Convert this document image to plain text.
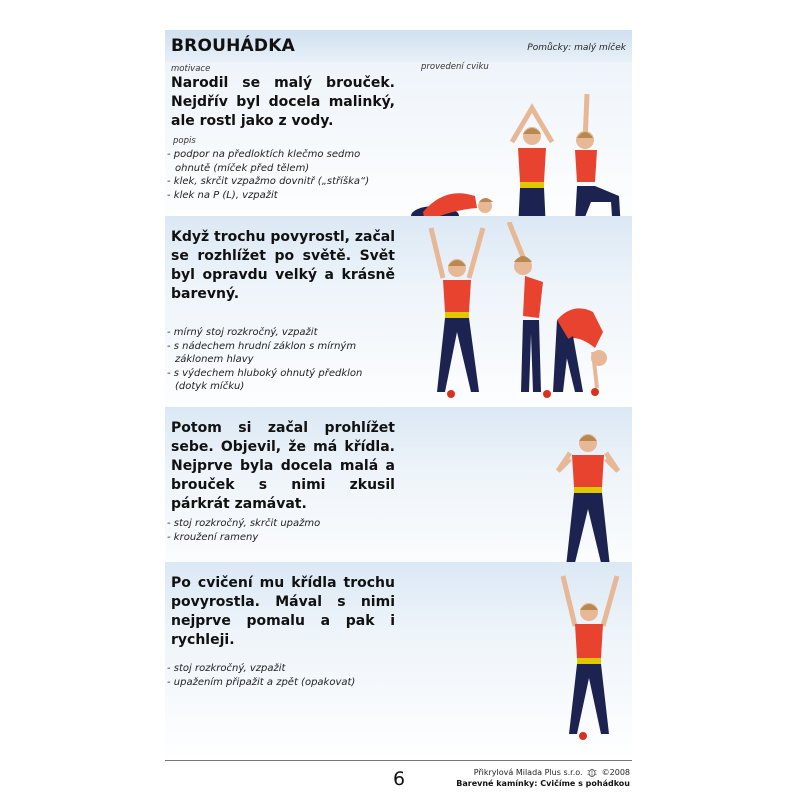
BROUHÁDKA	Pomůcky: malý míček
motivace	provedení cviku
Narodil se malý brouček. Nejdřív byl docela malinký, ale rostl jako z vody.
popis
- podpor na předloktích klečmo sedmo ohnutě (míček před tělem)
- klek, skrčit vzpažmo dovnitř („stříška“)
- klek na P (L), vzpažit
Když trochu povyrostl, začal se rozhlížet po světě. Svět byl opravdu velký a krásně barevný.
- mírný stoj rozkročný, vzpažit
- s nádechem hrudní záklon s mírným záklonem hlavy
- s výdechem hluboký ohnutý předklon (dotyk míčku)
Potom si začal prohlížet sebe. Objevil, že má křídla. Nejprve byla docela malá a brouček s nimi zkusil párkrát zamávat.
- stoj rozkročný, skrčit upažmo
- kroužení rameny
Po cvičení mu křídla trochu povyrostla. Mával s nimi nejprve pomalu a pak i rychleji.
- stoj rozkročný, vzpažit
- upažením připažit a zpět (opakovat)
6	Přikrylová Milada Plus s.r.o. ©2008
Barevné kamínky: Cvičíme s pohádkou
